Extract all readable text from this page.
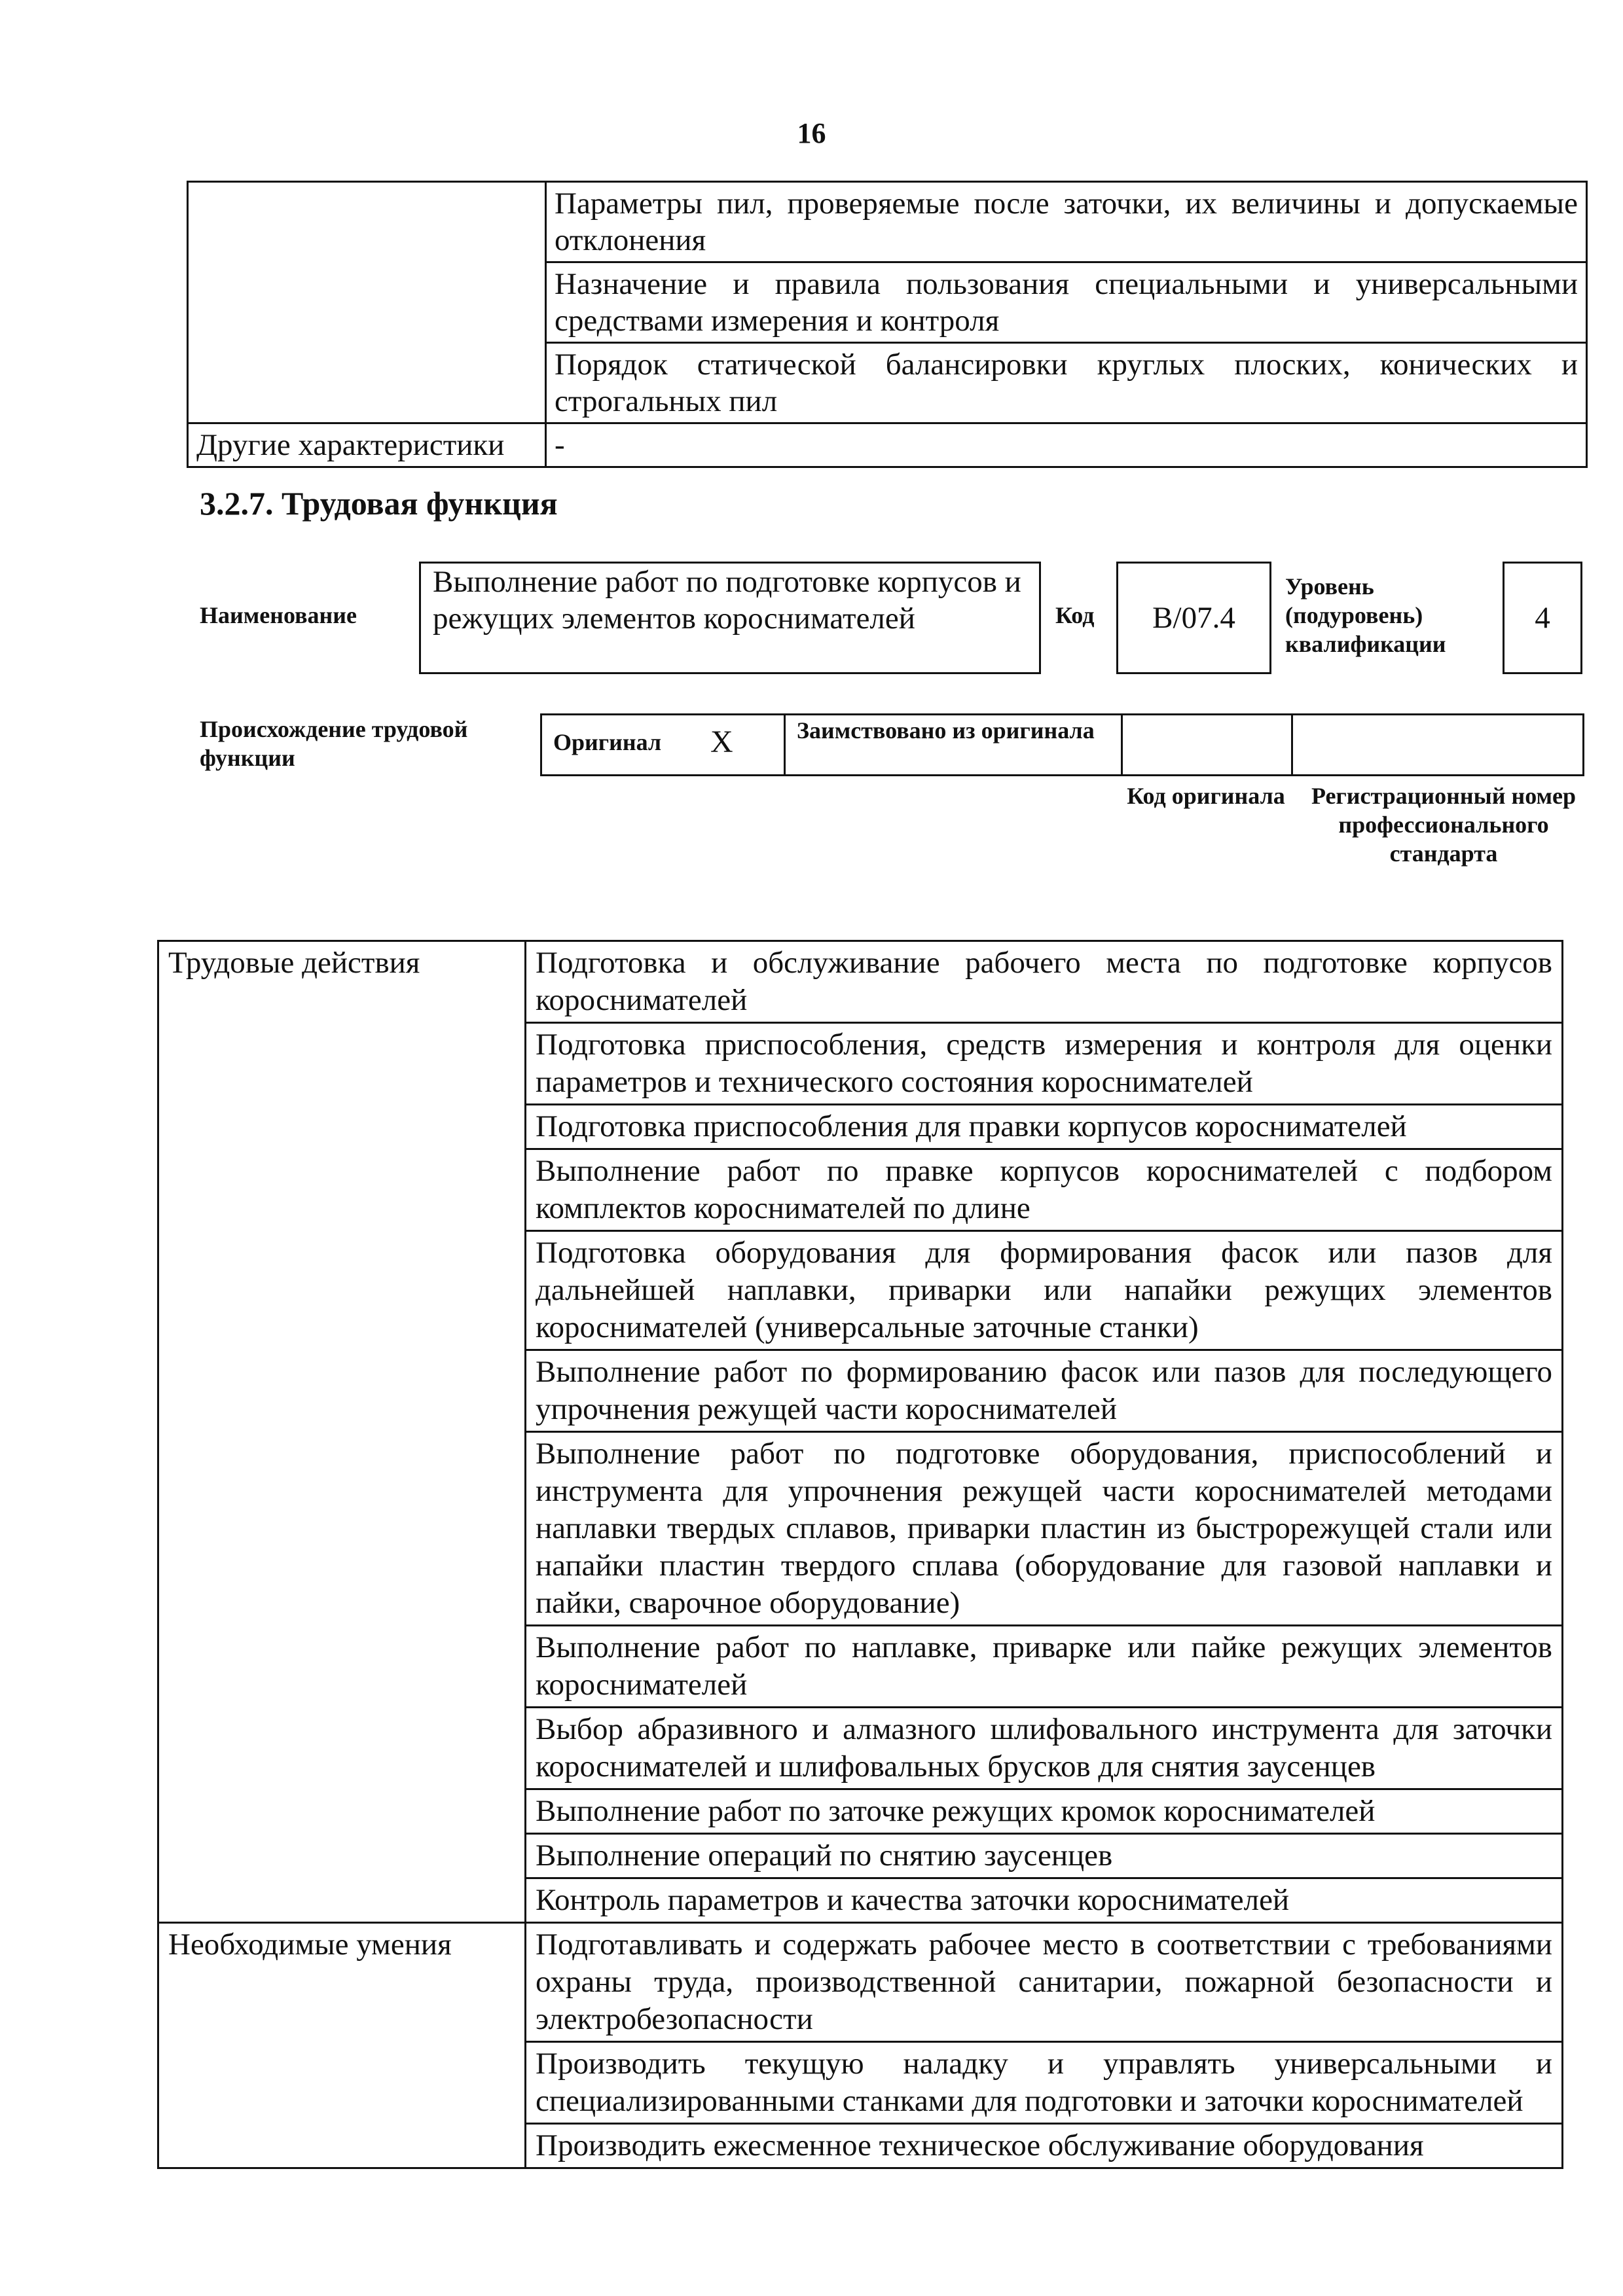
16
	Параметры пил, проверяемые после заточки, их величины и допускаемые отклонения
	Назначение и правила пользования специальными и универсальными средствами измерения и контроля
	Порядок статической балансировки круглых плоских, конических и строгальных пил
Другие характеристики	-
3.2.7. Трудовая функция
Наименование
Выполнение работ по подготовке корпусов и режущих элементов короснимателей	Код	B/07.4
Уровень (подуровень) квалификации
4
Происхождение трудовой функции
Оригинал X	Заимствовано из оригинала
Код оригинала Регистрационный номер профессионального стандарта
Трудовые действия	Подготовка и обслуживание рабочего места по подготовке корпусов короснимателей
	Подготовка приспособления, средств измерения и контроля для оценки параметров и технического состояния короснимателей
	Подготовка приспособления для правки корпусов короснимателей
	Выполнение работ по правке корпусов короснимателей с подбором комплектов короснимателей по длине
	Подготовка оборудования для формирования фасок или пазов для дальнейшей наплавки, приварки или напайки режущих элементов короснимателей (универсальные заточные станки)
	Выполнение работ по формированию фасок или пазов для последующего упрочнения режущей части короснимателей
	Выполнение работ по подготовке оборудования, приспособлений и инструмента для упрочнения режущей части короснимателей методами наплавки твердых сплавов, приварки пластин из быстрорежущей стали или напайки пластин твердого сплава (оборудование для газовой наплавки и пайки, сварочное оборудование)
	Выполнение работ по наплавке, приварке или пайке режущих элементов короснимателей
	Выбор абразивного и алмазного шлифовального инструмента для заточки короснимателей и шлифовальных брусков для снятия заусенцев
	Выполнение работ по заточке режущих кромок короснимателей
	Выполнение операций по снятию заусенцев
	Контроль параметров и качества заточки короснимателей
Необходимые умения	Подготавливать и содержать рабочее место в соответствии с требованиями охраны труда, производственной санитарии, пожарной безопасности и электробезопасности
	Производить текущую наладку и управлять универсальными и специализированными станками для подготовки и заточки короснимателей
	Производить ежесменное техническое обслуживание оборудования
